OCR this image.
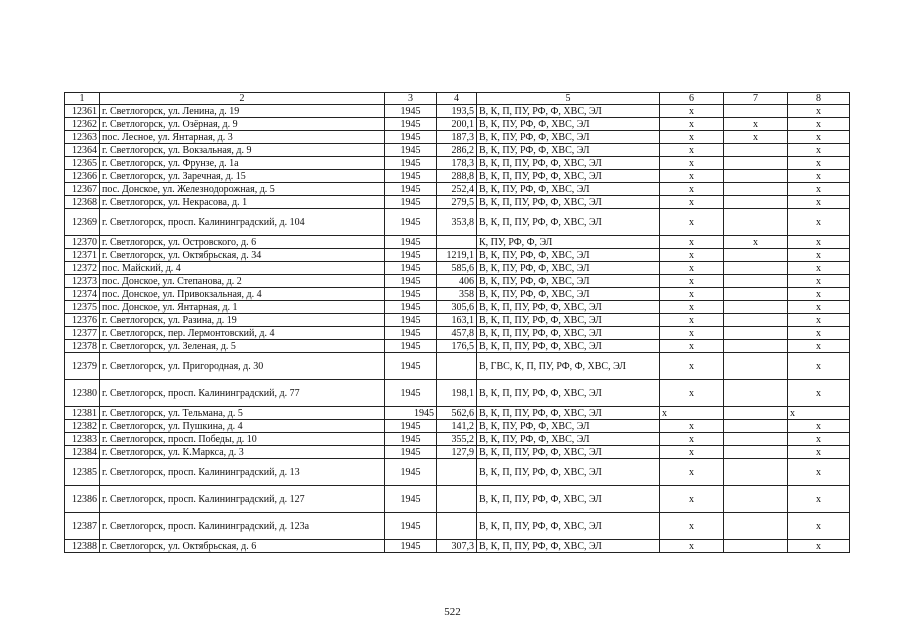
1	2	3	4	5	6	7	8
12361	г. Светлогорск, ул. Ленина, д. 19	1945	193,5	В, К, П, ПУ, РФ, Ф, ХВС, ЭЛ	х		х
12362	г. Светлогорск, ул. Озёрная, д. 9	1945	200,1	В, К, ПУ, РФ, Ф, ХВС, ЭЛ	х	х	х
12363	пос. Лесное, ул. Янтарная, д. 3	1945	187,3	В, К, ПУ, РФ, Ф, ХВС, ЭЛ	х	х	х
12364	г. Светлогорск, ул. Вокзальная, д. 9	1945	286,2	В, К, ПУ, РФ, Ф, ХВС, ЭЛ	х		х
12365	г. Светлогорск, ул. Фрунзе, д. 1а	1945	178,3	В, К, П, ПУ, РФ, Ф, ХВС, ЭЛ	х		х
12366	г. Светлогорск, ул. Заречная, д. 15	1945	288,8	В, К, П, ПУ, РФ, Ф, ХВС, ЭЛ	х		х
12367	пос. Донское, ул. Железнодорожная, д. 5	1945	252,4	В, К, ПУ, РФ, Ф, ХВС, ЭЛ	х		х
12368	г. Светлогорск, ул. Некрасова, д. 1	1945	279,5	В, К, П, ПУ, РФ, Ф, ХВС, ЭЛ	х		х
12369	г. Светлогорск, просп. Калининградский, д. 104	1945	353,8	В, К, П, ПУ, РФ, Ф, ХВС, ЭЛ	х		х
12370	г. Светлогорск, ул. Островского, д. 6	1945		К, ПУ, РФ, Ф, ЭЛ	х	х	х
12371	г. Светлогорск, ул. Октябрьская, д. 34	1945	1219,1	В, К, ПУ, РФ, Ф, ХВС, ЭЛ	х		х
12372	пос. Майский, д. 4	1945	585,6	В, К, ПУ, РФ, Ф, ХВС, ЭЛ	х		х
12373	пос. Донское, ул. Степанова, д. 2	1945	406	В, К, ПУ, РФ, Ф, ХВС, ЭЛ	х		х
12374	пос. Донское, ул. Привокзальная, д. 4	1945	358	В, К, ПУ, РФ, Ф, ХВС, ЭЛ	х		х
12375	пос. Донское, ул. Янтарная, д. 1	1945	305,6	В, К, П, ПУ, РФ, Ф, ХВС, ЭЛ	х		х
12376	г. Светлогорск, ул. Разина, д. 19	1945	163,1	В, К, П, ПУ, РФ, Ф, ХВС, ЭЛ	х		х
12377	г. Светлогорск, пер. Лермонтовский, д. 4	1945	457,8	В, К, П, ПУ, РФ, Ф, ХВС, ЭЛ	х		х
12378	г. Светлогорск, ул. Зеленая, д. 5	1945	176,5	В, К, П, ПУ, РФ, Ф, ХВС, ЭЛ	х		х
12379	г. Светлогорск, ул. Пригородная, д. 30	1945		В, ГВС, К, П, ПУ, РФ, Ф, ХВС, ЭЛ	х		х
12380	г. Светлогорск, просп. Калининградский, д. 77	1945	198,1	В, К, П, ПУ, РФ, Ф, ХВС, ЭЛ	х		х
12381	г. Светлогорск, ул. Тельмана, д. 5	1945	562,6	В, К, П, ПУ, РФ, Ф, ХВС, ЭЛ	x		x
12382	г. Светлогорск, ул. Пушкина, д. 4	1945	141,2	В, К, ПУ, РФ, Ф, ХВС, ЭЛ	х		х
12383	г. Светлогорск, просп. Победы, д. 10	1945	355,2	В, К, ПУ, РФ, Ф, ХВС, ЭЛ	х		х
12384	г. Светлогорск, ул. К.Маркса, д. 3	1945	127,9	В, К, П, ПУ, РФ, Ф, ХВС, ЭЛ	х		х
12385	г. Светлогорск, просп. Калининградский, д. 13	1945		В, К, П, ПУ, РФ, Ф, ХВС, ЭЛ	х		х
12386	г. Светлогорск, просп. Калининградский, д. 127	1945		В, К, П, ПУ, РФ, Ф, ХВС, ЭЛ	х		х
12387	г. Светлогорск, просп. Калининградский, д. 123а	1945		В, К, П, ПУ, РФ, Ф, ХВС, ЭЛ	х		х
12388	г. Светлогорск, ул. Октябрьская, д. 6	1945	307,3	В, К, П, ПУ, РФ, Ф, ХВС, ЭЛ	х		х
522
